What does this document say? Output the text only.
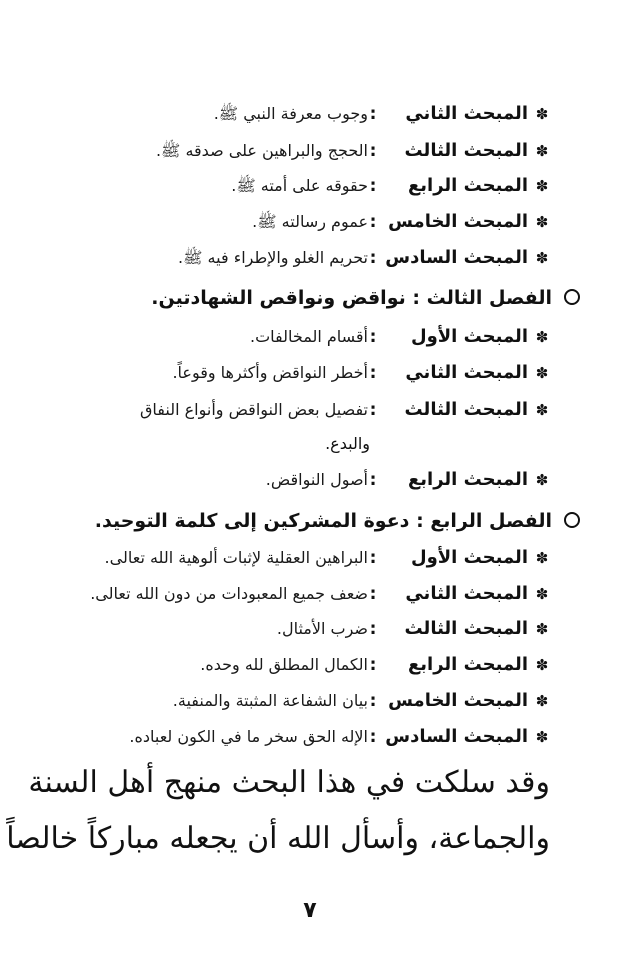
✽المبحث الثاني:وجوب معرفة النبي ﷺ.
✽المبحث الثالث:الحجج والبراهين على صدقه ﷺ.
✽المبحث الرابع:حقوقه على أمته ﷺ.
✽المبحث الخامس:عموم رسالته ﷺ.
✽المبحث السادس:تحريم الغلو والإطراء فيه ﷺ.
الفصل الثالث : نواقض ونواقص الشهادتين.
✽المبحث الأول:أقسام المخالفات.
✽المبحث الثاني:أخطر النواقض وأكثرها وقوعاً.
✽المبحث الثالث:تفصيل بعض النواقض وأنواع النفاق
والبدع.
✽المبحث الرابع:أصول النواقض.
الفصل الرابع : دعوة المشركين إلى كلمة التوحيد.
✽المبحث الأول:البراهين العقلية لإثبات ألوهية الله تعالى.
✽المبحث الثاني:ضعف جميع المعبودات من دون الله تعالى.
✽المبحث الثالث:ضرب الأمثال.
✽المبحث الرابع:الكمال المطلق لله وحده.
✽المبحث الخامس:بيان الشفاعة المثبتة والمنفية.
✽المبحث السادس:الإله الحق سخر ما في الكون لعباده.
وقد سلكت في هذا البحث منهج أهل السنة
والجماعة، وأسأل الله أن يجعله مباركاً خالصاً
٧
